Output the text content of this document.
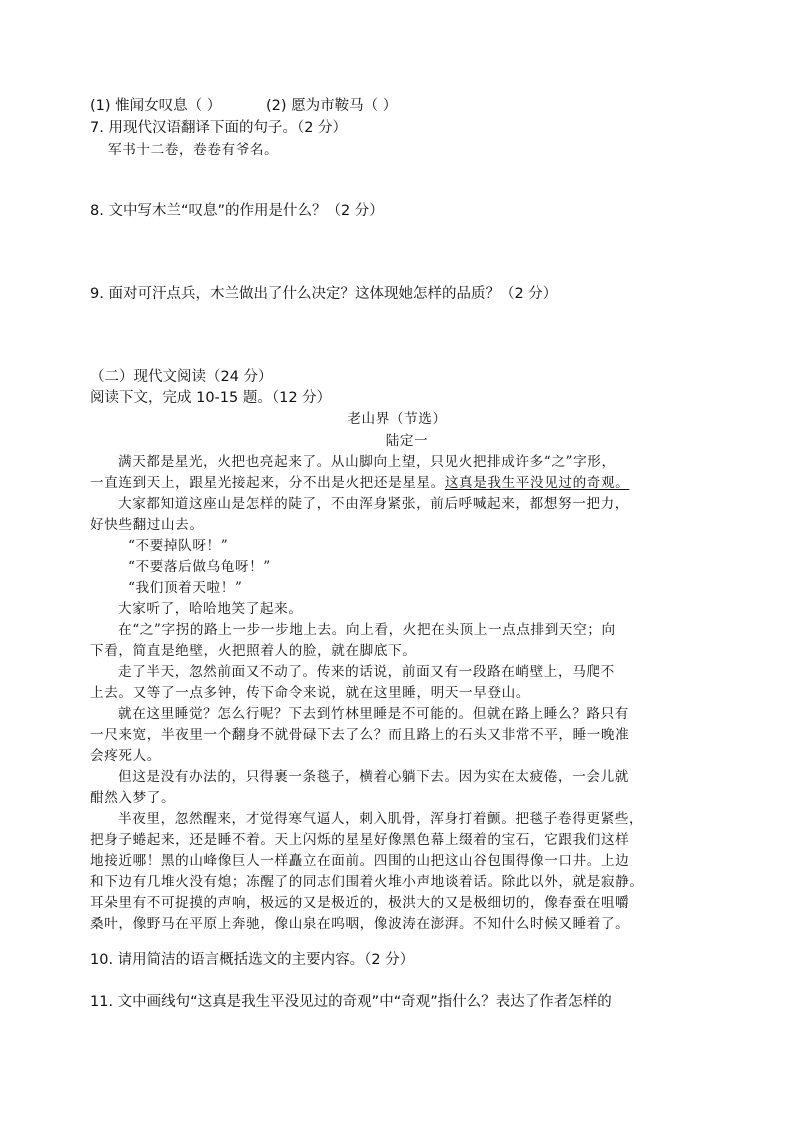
(1) 惟闻女叹息（ ）	(2) 愿为市鞍马（ ）
7. 用现代汉语翻译下面的句子。（2 分）
军书十二卷，卷卷有爷名。
8. 文中写木兰“叹息”的作用是什么？（2 分）
9. 面对可汗点兵，木兰做出了什么决定？这体现她怎样的品质？（2 分）
（二）现代文阅读（24 分）
阅读下文，完成 10-15 题。（12 分）
老山界（节选）
陆定一
满天都是星光，火把也亮起来了。从山脚向上望，只见火把排成许多“之”字形，
一直连到天上，跟星光接起来，分不出是火把还是星星。这真是我生平没见过的奇观。
大家都知道这座山是怎样的陡了，不由浑身紧张，前后呼喊起来，都想努一把力，
好快些翻过山去。
“不要掉队呀！”
“不要落后做乌龟呀！”
“我们顶着天啦！”
大家听了，哈哈地笑了起来。
在“之”字拐的路上一步一步地上去。向上看，火把在头顶上一点点排到天空；向
下看，简直是绝壁，火把照着人的脸，就在脚底下。
走了半天，忽然前面又不动了。传来的话说，前面又有一段路在峭壁上，马爬不
上去。又等了一点多钟，传下命令来说，就在这里睡，明天一早登山。
就在这里睡觉？怎么行呢？下去到竹林里睡是不可能的。但就在路上睡么？路只有
一尺来宽，半夜里一个翻身不就骨碌下去了么？而且路上的石头又非常不平，睡一晚准
会疼死人。
但这是没有办法的，只得裹一条毯子，横着心躺下去。因为实在太疲倦，一会儿就
酣然入梦了。
半夜里，忽然醒来，才觉得寒气逼人，刺入肌骨，浑身打着颤。把毯子卷得更紧些，
把身子蜷起来，还是睡不着。天上闪烁的星星好像黑色幕上缀着的宝石，它跟我们这样
地接近哪！黑的山峰像巨人一样矗立在面前。四围的山把这山谷包围得像一口井。上边
和下边有几堆火没有熄；冻醒了的同志们围着火堆小声地谈着话。除此以外，就是寂静。
耳朵里有不可捉摸的声响，极远的又是极近的，极洪大的又是极细切的，像春蚕在咀嚼
桑叶，像野马在平原上奔驰，像山泉在呜咽，像波涛在澎湃。不知什么时候又睡着了。
10. 请用简洁的语言概括选文的主要内容。（2 分）
11. 文中画线句“这真是我生平没见过的奇观”中“奇观”指什么？表达了作者怎样的
